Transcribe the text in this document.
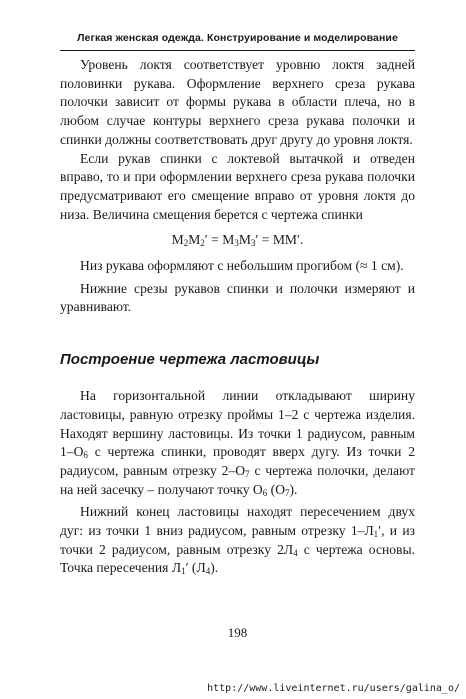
Легкая женская одежда. Конструирование и моделирование

Уровень локтя соответствует уровню локтя задней половинки рукава. Оформление верхнего среза рукава полочки зависит от формы рукава в области плеча, но в любом случае контуры верхнего среза рукава полочки и спинки должны соответствовать друг другу до уровня локтя.

Если рукав спинки с локтевой вытачкой и отведен вправо, то и при оформлении верхнего среза рукава полочки предусматривают его смещение вправо от уровня локтя до низа. Величина смещения берется с чертежа спинки

$M_2M_2' = M_3M_3' = MM'$.

Низ рукава оформляют с небольшим прогибом (≈ 1 см).

Нижние срезы рукавов спинки и полочки измеряют и уравнивают.

Построение чертежа ластовицы

На горизонтальной линии откладывают ширину ластовицы, равную отрезку проймы 1–2 с чертежа изделия. Находят вершину ластовицы. Из точки 1 радиусом, равным $1-О_6$ с чертежа спинки, проводят вверх дугу. Из точки 2 радиусом, равным отрезку $2-О_7$ с чертежа полочки, делают на ней засечку – получают точку $О_6$ $(О_7)$.

Нижний конец ластовицы находят пересечением двух дуг: из точки 1 вниз радиусом, равным отрезку $1-Л_1'$, и из точки 2 радиусом, равным отрезку $2Л_4$ с чертежа основы. Точка пересечения $Л_1'$ $(Л_4)$.

198
http://www.liveinternet.ru/users/galina_o/
